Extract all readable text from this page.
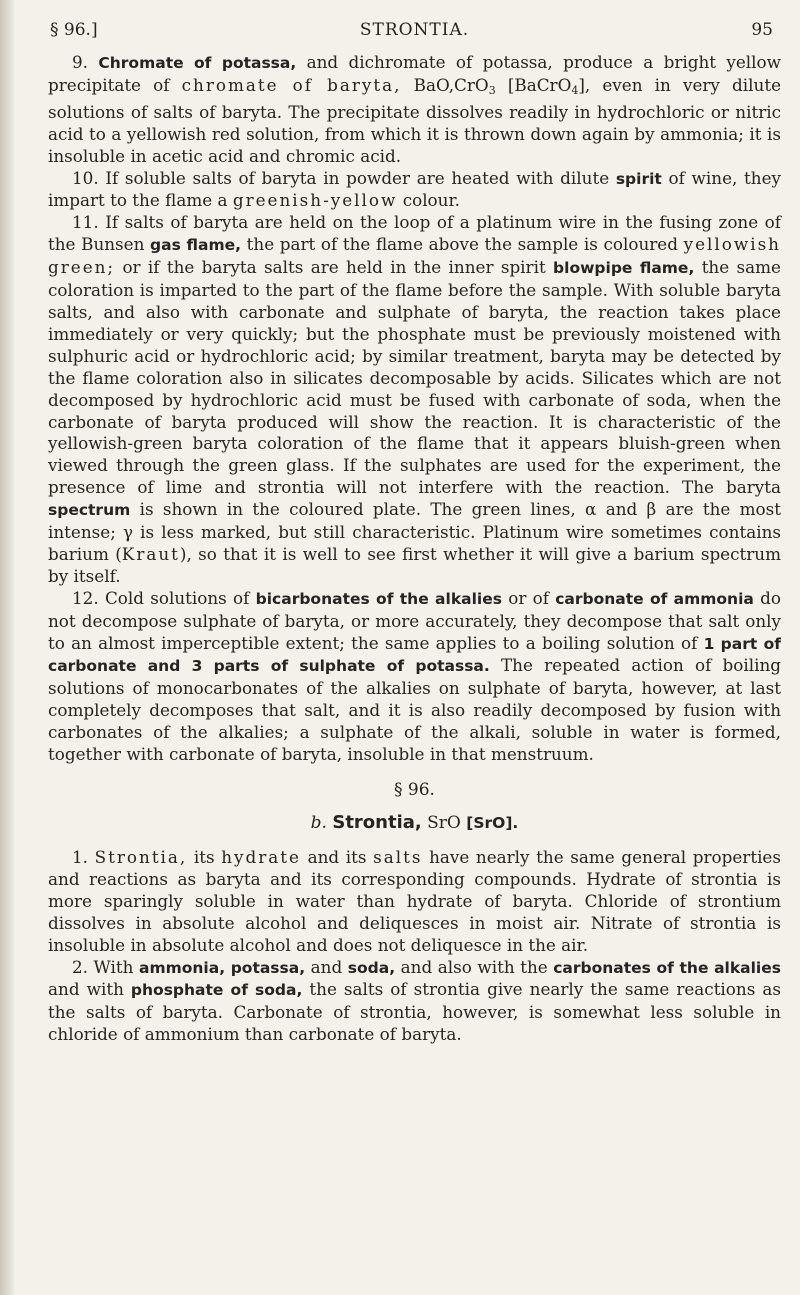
§ 96.]	STRONTIA.	95

9. Chromate of potassa, and dichromate of potassa, produce a bright yellow precipitate of chromate of baryta, BaO,CrO$_3$ [BaCrO$_4$], even in very dilute solutions of salts of baryta. The precipitate dissolves readily in hydrochloric or nitric acid to a yellowish red solution, from which it is thrown down again by ammonia; it is insoluble in acetic acid and chromic acid.

10. If soluble salts of baryta in powder are heated with dilute spirit of wine, they impart to the flame a greenish-yellow colour.

11. If salts of baryta are held on the loop of a platinum wire in the fusing zone of the Bunsen gas flame, the part of the flame above the sample is coloured yellowish green; or if the baryta salts are held in the inner spirit blowpipe flame, the same coloration is imparted to the part of the flame before the sample. With soluble baryta salts, and also with carbonate and sulphate of baryta, the reaction takes place immediately or very quickly; but the phosphate must be previously moistened with sulphuric acid or hydrochloric acid; by similar treatment, baryta may be detected by the flame coloration also in silicates decomposable by acids. Silicates which are not decomposed by hydrochloric acid must be fused with carbonate of soda, when the carbonate of baryta produced will show the reaction. It is characteristic of the yellowish-green baryta coloration of the flame that it appears bluish-green when viewed through the green glass. If the sulphates are used for the experiment, the presence of lime and strontia will not interfere with the reaction. The baryta spectrum is shown in the coloured plate. The green lines, α and β are the most intense; γ is less marked, but still characteristic. Platinum wire sometimes contains barium (Kraut), so that it is well to see first whether it will give a barium spectrum by itself.

12. Cold solutions of bicarbonates of the alkalies or of carbonate of ammonia do not decompose sulphate of baryta, or more accurately, they decompose that salt only to an almost imperceptible extent; the same applies to a boiling solution of 1 part of carbonate and 3 parts of sulphate of potassa. The repeated action of boiling solutions of monocarbonates of the alkalies on sulphate of baryta, however, at last completely decomposes that salt, and it is also readily decomposed by fusion with carbonates of the alkalies; a sulphate of the alkali, soluble in water is formed, together with carbonate of baryta, insoluble in that menstruum.

§ 96.
b. Strontia, SrO [SrO].

1. Strontia, its hydrate and its salts have nearly the same general properties and reactions as baryta and its corresponding compounds. Hydrate of strontia is more sparingly soluble in water than hydrate of baryta. Chloride of strontium dissolves in absolute alcohol and deliquesces in moist air. Nitrate of strontia is insoluble in absolute alcohol and does not deliquesce in the air.

2. With ammonia, potassa, and soda, and also with the carbonates of the alkalies and with phosphate of soda, the salts of strontia give nearly the same reactions as the salts of baryta. Carbonate of strontia, however, is somewhat less soluble in chloride of ammonium than carbonate of baryta.
